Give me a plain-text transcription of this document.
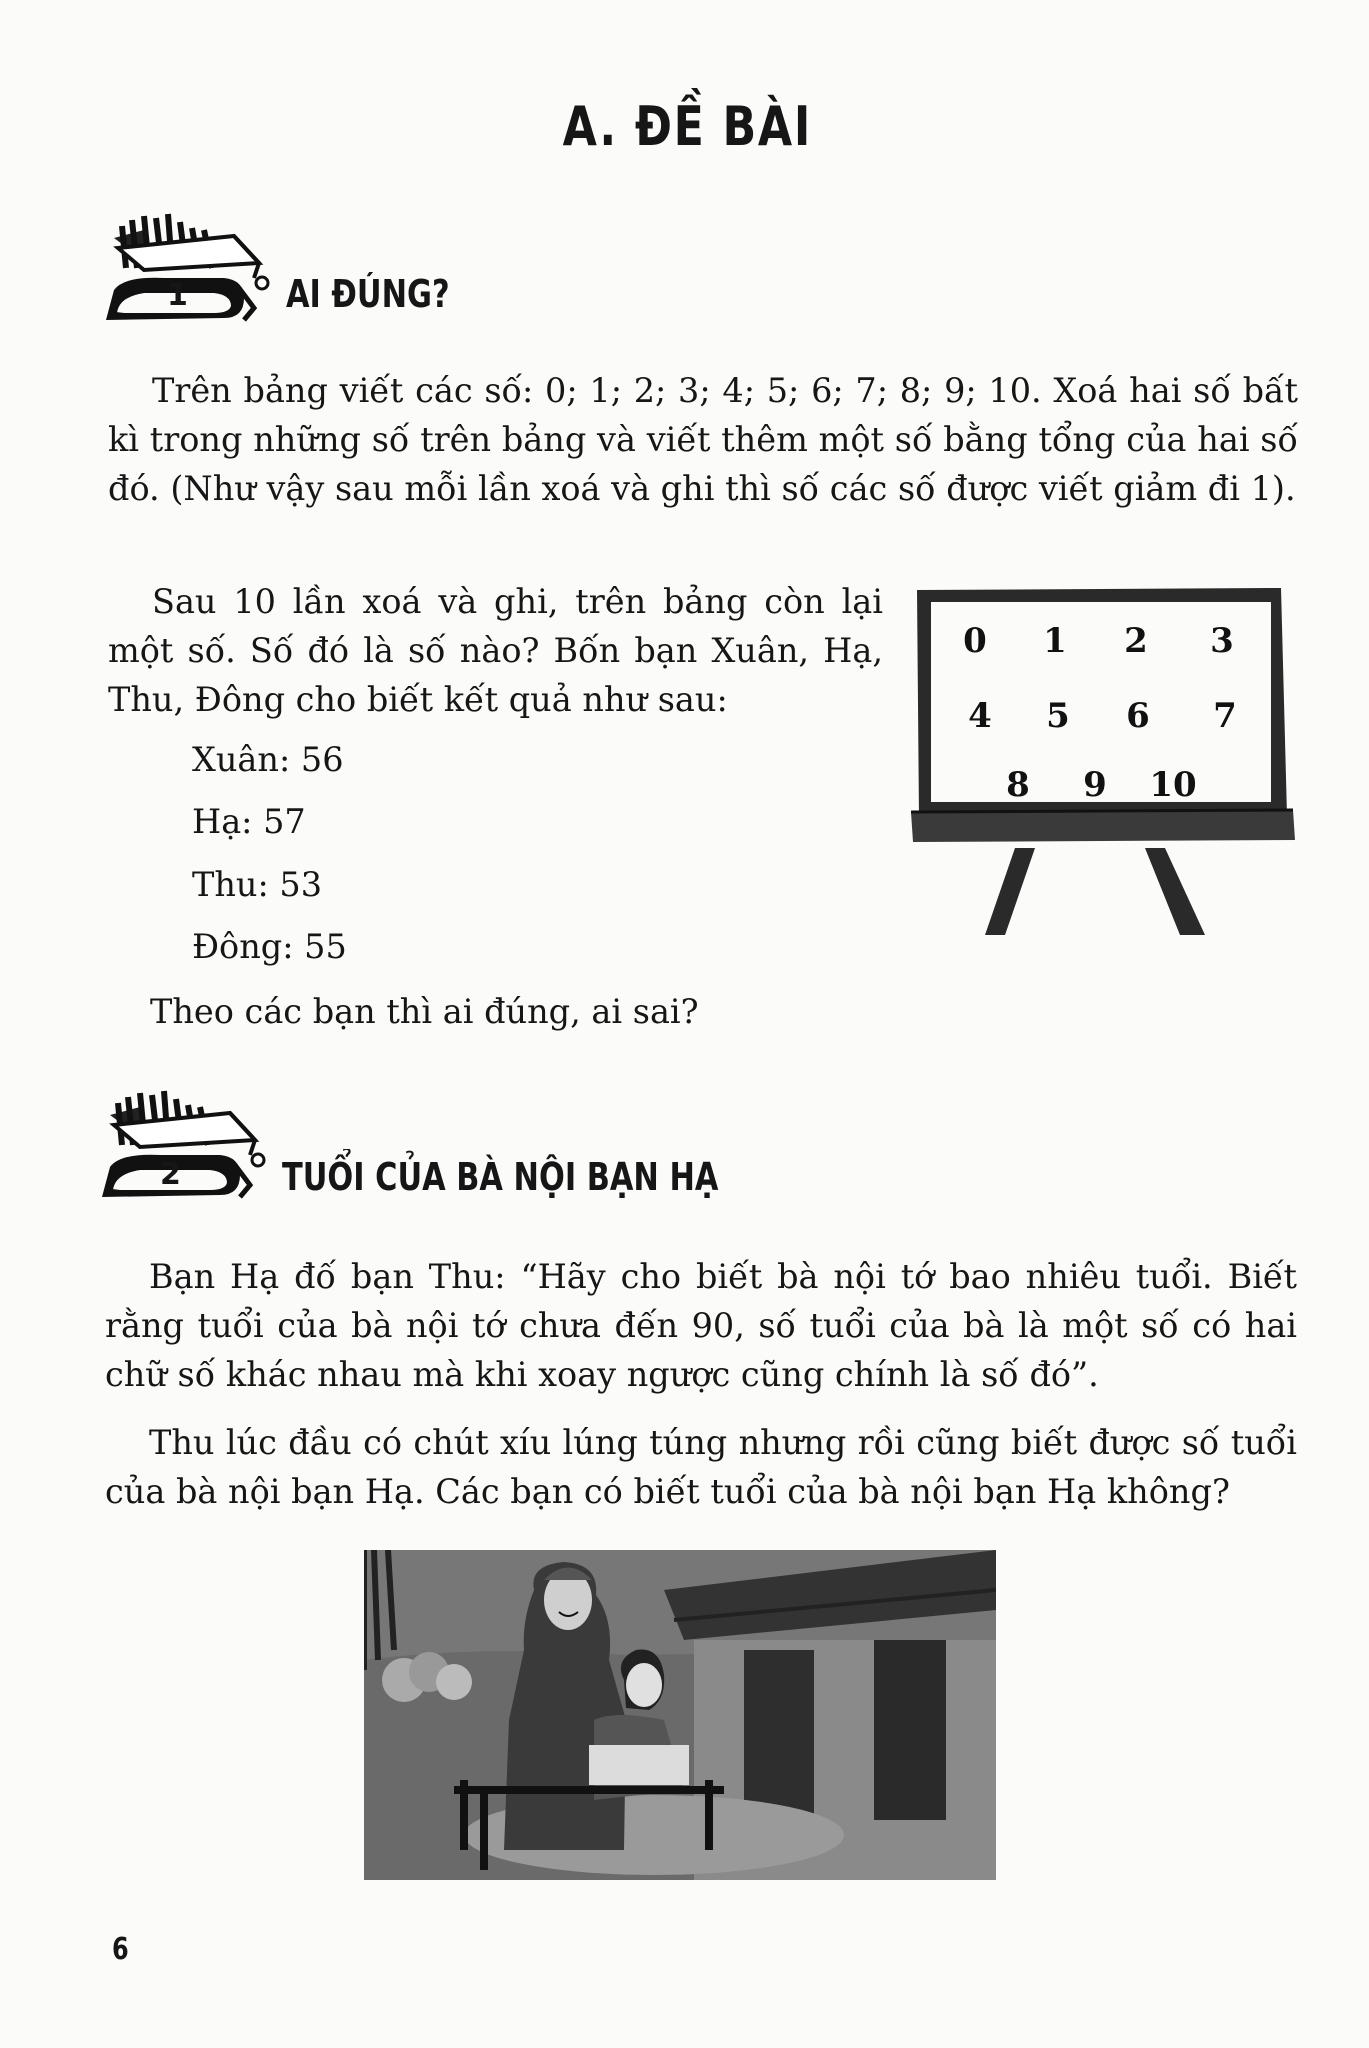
A. ĐỀ BÀI
1	AI ĐÚNG?

Trên bảng viết các số: 0; 1; 2; 3; 4; 5; 6; 7; 8; 9; 10. Xoá hai số bất kì trong những số trên bảng và viết thêm một số bằng tổng của hai số đó. (Như vậy sau mỗi lần xoá và ghi thì số các số được viết giảm đi 1).

Sau 10 lần xoá và ghi, trên bảng còn lại một số. Số đó là số nào? Bốn bạn Xuân, Hạ, Thu, Đông cho biết kết quả như sau:

Xuân: 56
Hạ: 57
Thu: 53
Đông: 55
Theo các bạn thì ai đúng, ai sai?
0 1 2 3
4 5 6 7
8 9 10
2	TUỔI CỦA BÀ NỘI BẠN HẠ

Bạn Hạ đố bạn Thu: “Hãy cho biết bà nội tớ bao nhiêu tuổi. Biết rằng tuổi của bà nội tớ chưa đến 90, số tuổi của bà là một số có hai chữ số khác nhau mà khi xoay ngược cũng chính là số đó”.

Thu lúc đầu có chút xíu lúng túng nhưng rồi cũng biết được số tuổi của bà nội bạn Hạ. Các bạn có biết tuổi của bà nội bạn Hạ không?

6
